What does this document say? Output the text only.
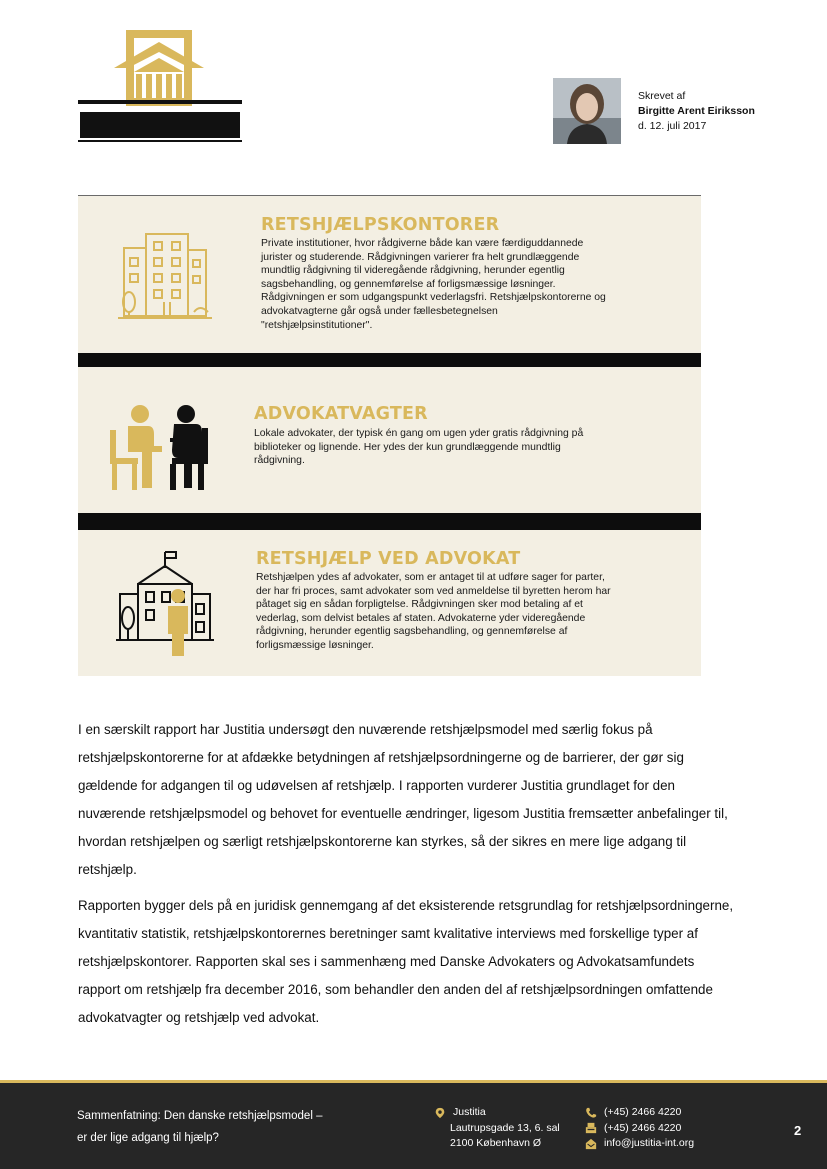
Skrevet af
Birgitte Arent Eiriksson
d. 12. juli 2017
RETSHJÆLPSKONTORER
Private institutioner, hvor rådgiverne både kan være færdiguddannede
jurister og studerende. Rådgivningen varierer fra helt grundlæggende
mundtlig rådgivning til videregående rådgivning, herunder egentlig
sagsbehandling, og gennemførelse af forligsmæssige løsninger.
Rådgivningen er som udgangspunkt vederlagsfri. Retshjælpskontorerne og
advokatvagterne går også under fællesbetegnelsen
"retshjælpsinstitutioner".
ADVOKATVAGTER
Lokale advokater, der typisk én gang om ugen yder gratis rådgivning på
biblioteker og lignende. Her ydes der kun grundlæggende mundtlig
rådgivning.
RETSHJÆLP VED ADVOKAT
Retshjælpen ydes af advokater, som er antaget til at udføre sager for parter,
der har fri proces, samt advokater som ved anmeldelse til byretten herom har
påtaget sig en sådan forpligtelse. Rådgivningen sker mod betaling af et
vederlag, som delvist betales af staten. Advokaterne yder videregående
rådgivning, herunder egentlig sagsbehandling, og gennemførelse af
forligsmæssige løsninger.

I en særskilt rapport har Justitia undersøgt den nuværende retshjælpsmodel med særlig fokus på
retshjælpskontorerne for at afdække betydningen af retshjælpsordningerne og de barrierer, der gør sig
gældende for adgangen til og udøvelsen af retshjælp. I rapporten vurderer Justitia grundlaget for den
nuværende retshjælpsmodel og behovet for eventuelle ændringer, ligesom Justitia fremsætter anbefalinger til,
hvordan retshjælpen og særligt retshjælpskontorerne kan styrkes, så der sikres en mere lige adgang til
retshjælp.

Rapporten bygger dels på en juridisk gennemgang af det eksisterende retsgrundlag for retshjælpsordningerne,
kvantitativ statistik, retshjælpskontorernes beretninger samt kvalitative interviews med forskellige typer af
retshjælpskontorer. Rapporten skal ses i sammenhæng med Danske Advokaters og Advokatsamfundets
rapport om retshjælp fra december 2016, som behandler den anden del af retshjælpsordningen omfattende
advokatvagter og retshjælp ved advokat.

Sammenfatning: Den danske retshjælpsmodel –
er der lige adgang til hjælp?
Justitia
Lautrupsgade 13, 6. sal
2100 København Ø
(+45) 2466 4220
(+45) 2466 4220
info@justitia-int.org
2
